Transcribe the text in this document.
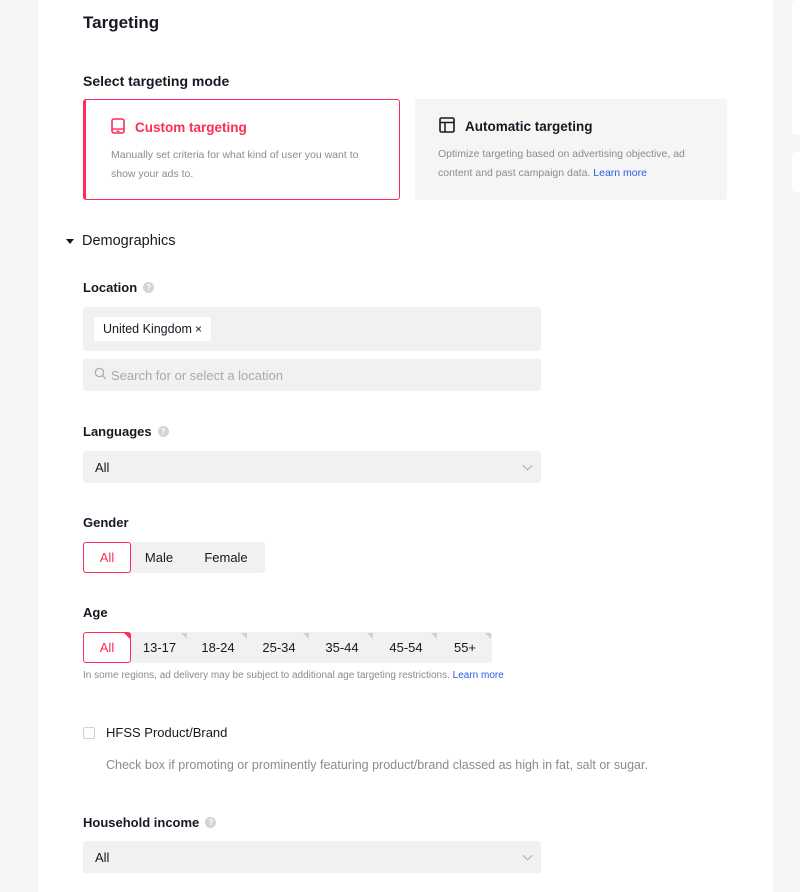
Targeting
Select targeting mode
Custom targeting
Manually set criteria for what kind of user you want to show your ads to.
Automatic targeting
Optimize targeting based on advertising objective, ad content and past campaign data. Learn more
Demographics
Location	?
United Kingdom ×
Search for or select a location
Languages	?
All
Gender
All	Male	Female
Age
All 13-17 18-24 25-34 35-44 45-54 55+
In some regions, ad delivery may be subject to additional age targeting restrictions. Learn more
HFSS Product/Brand
Check box if promoting or prominently featuring product/brand classed as high in fat, salt or sugar.
Household income	?
All
